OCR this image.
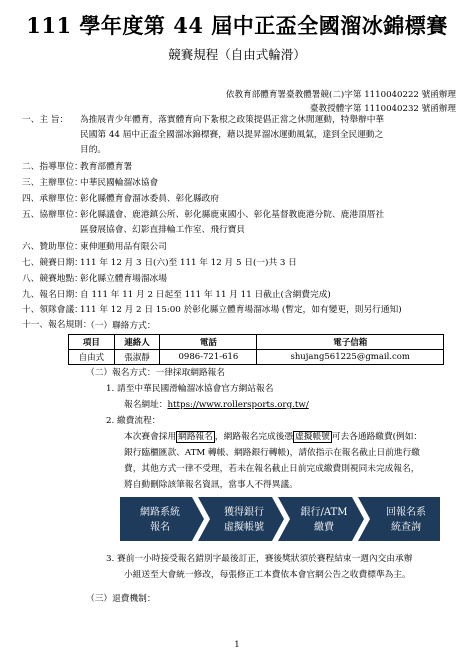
111 學年度第 44 屆中正盃全國溜冰錦標賽
競賽規程（自由式輪滑）
依教育部體育署臺教體署競(二)字第 1110040222 號函辦理
臺教授體字第 1110040232 號函辦理
一、主 旨：	為推展青少年體育，落實體育向下紮根之政策提倡正當之休閒運動，特舉辦中華
民國第 44 屆中正盃全國溜冰錦標賽，藉以提昇溜冰運動風氣，達到全民運動之
目的。
二、指導單位：
教育部體育署
三、主辦單位：
中華民國輪溜冰協會
四、承辦單位：
彰化縣體育會溜冰委員、彰化縣政府
五、協辦單位：
彰化縣議會、鹿港鎮公所、彰化縣鹿東國小、彰化基督教鹿港分院、鹿港頂厝社
區發展協會、幻影直排輪工作室、飛行寶貝
六、贊助單位：
東伸運動用品有限公司
七、競賽日期：
111 年 12 月 3 日(六)至 111 年 12 月 5 日(一)共 3 日
八、競賽地點：
彰化縣立體育場溜冰場
九、報名日期：
自 111 年 11 月 2 日起至 111 年 11 月 11 日截止(含網費完成)
十、領隊會議：
111 年 12 月 2 日 15:00 於彰化縣立體育場溜冰場 (暫定，如有變更，則另行通知)
十一、報名規則：
（一）聯絡方式：
項目	連絡人	電話	電子信箱
自由式	張淑靜	0986-721-616	shujang561225@gmail.com
（二）報名方式：一律採取網路報名
1. 請至中華民國滑輪溜冰協會官方網站報名
報名網址：https://www.rollersports.org.tw/
2. 繳費流程：
本次賽會採用 網路報名 ，網路報名完成後憑 虛擬帳號 可去各通路繳費(例如：
銀行臨櫃匯款、ATM 轉帳、網路銀行轉帳)，請依指示在報名截止日前進行繳
費，其他方式一律不受理，若未在報名截止日前完成繳費則視同未完成報名，
將自動刪除該筆報名資訊，當事人不得異議。
網路系統
報名
獲得銀行
虛擬帳號
銀行/ATM
繳費
回報名系
統查詢
3. 賽前一小時接受報名錯別字最後訂正，賽後獎狀須於賽程結束一週內交由承辦
小組送至大會統一修改，每張修正工本費依本會官網公告之收費標準為主。
（三）退費機制：
1
